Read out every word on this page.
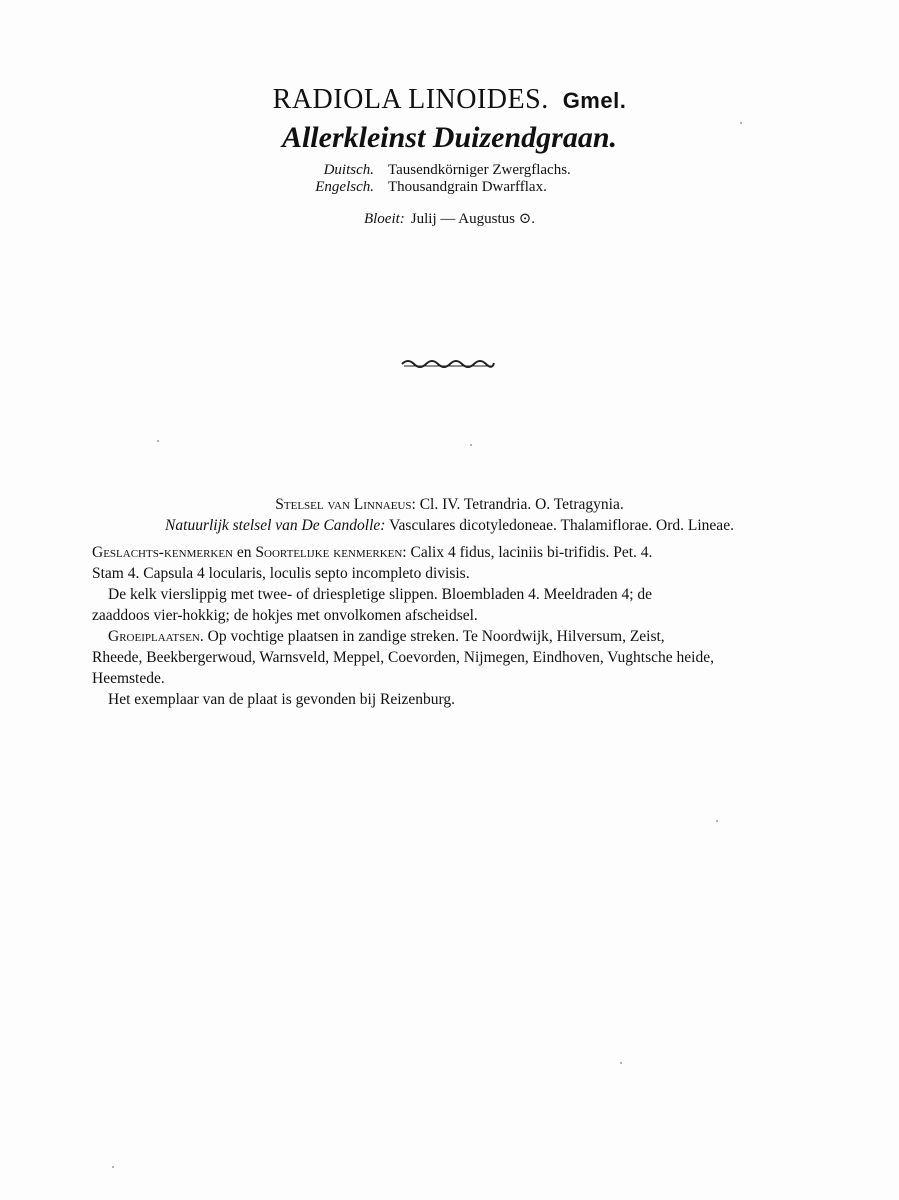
RADIOLA LINOIDES. Gmel.
Allerkleinst Duizendgraan.
Duitsch. Tausendkörniger Zwergflachs.
Engelsch. Thousandgrain Dwarfflax.
Bloeit: Julij — Augustus ⊙.
Stelsel van Linnaeus: Cl. IV. Tetrandria. O. Tetragynia.
Natuurlijk stelsel van De Candolle: Vasculares dicotyledoneae. Thalamiflorae. Ord. Lineae.
Geslachts-kenmerken en Soortelijke kenmerken: Calix 4 fidus, laciniis bi-trifidis. Pet. 4.
Stam 4. Capsula 4 locularis, loculis septo incompleto divisis.
De kelk vierslippig met twee- of driespletige slippen. Bloembladen 4. Meeldraden 4; de
zaaddoos vier-hokkig; de hokjes met onvolkomen afscheidsel.
Groeiplaatsen. Op vochtige plaatsen in zandige streken. Te Noordwijk, Hilversum, Zeist,
Rheede, Beekbergerwoud, Warnsveld, Meppel, Coevorden, Nijmegen, Eindhoven, Vughtsche heide,
Heemstede.
Het exemplaar van de plaat is gevonden bij Reizenburg.
